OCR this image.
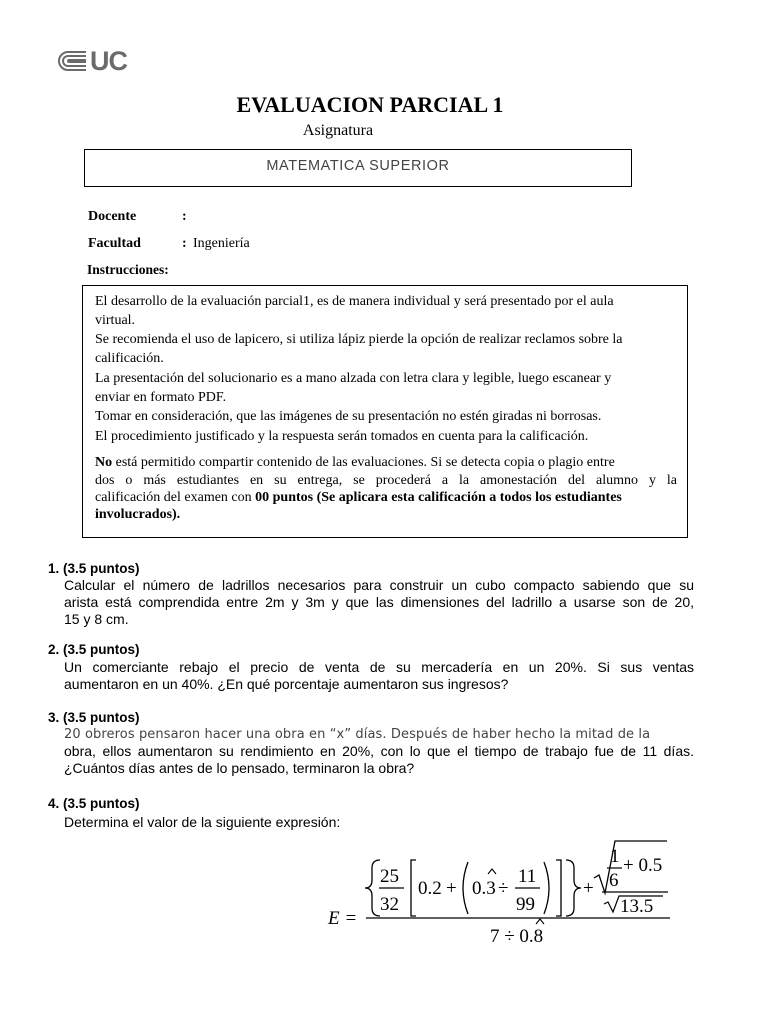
UC
EVALUACION PARCIAL 1
Asignatura
MATEMATICA SUPERIOR
Docente	:
Facultad	: Ingeniería
Instrucciones:
El desarrollo de la evaluación parcial1, es de manera individual y será presentado por el aula
virtual.
Se recomienda el uso de lapicero, si utiliza lápiz pierde la opción de realizar reclamos sobre la
calificación.
La presentación del solucionario es a mano alzada con letra clara y legible, luego escanear y
enviar en formato PDF.
Tomar en consideración, que las imágenes de su presentación no estén giradas ni borrosas.
El procedimiento justificado y la respuesta serán tomados en cuenta para la calificación.
No está permitido compartir contenido de las evaluaciones. Si se detecta copia o plagio entre
dos o más estudiantes en su entrega, se procederá a la amonestación del alumno y la
calificación del examen con 00 puntos (Se aplicara esta calificación a todos los estudiantes
involucrados).
1. (3.5 puntos)
Calcular el número de ladrillos necesarios para construir un cubo compacto sabiendo que su
arista está comprendida entre 2m y 3m y que las dimensiones del ladrillo a usarse son de 20,
15 y 8 cm.
2. (3.5 puntos)
Un comerciante rebajo el precio de venta de su mercadería en un 20%. Si sus ventas
aumentaron en un 40%. ¿En qué porcentaje aumentaron sus ingresos?
3. (3.5 puntos)
20 obreros pensaron hacer una obra en “x” días. Después de haber hecho la mitad de la
obra, ellos aumentaron su rendimiento en 20%, con lo que el tiempo de trabajo fue de 11 días.
¿Cuántos días antes de lo pensado, terminaron la obra?
4. (3.5 puntos)
Determina el valor de la siguiente expresión:
E =
25
32
0.2 + 0.3 ÷
11
99
+
1
6
+ 0.5
13.5
7 ÷ 0.8
